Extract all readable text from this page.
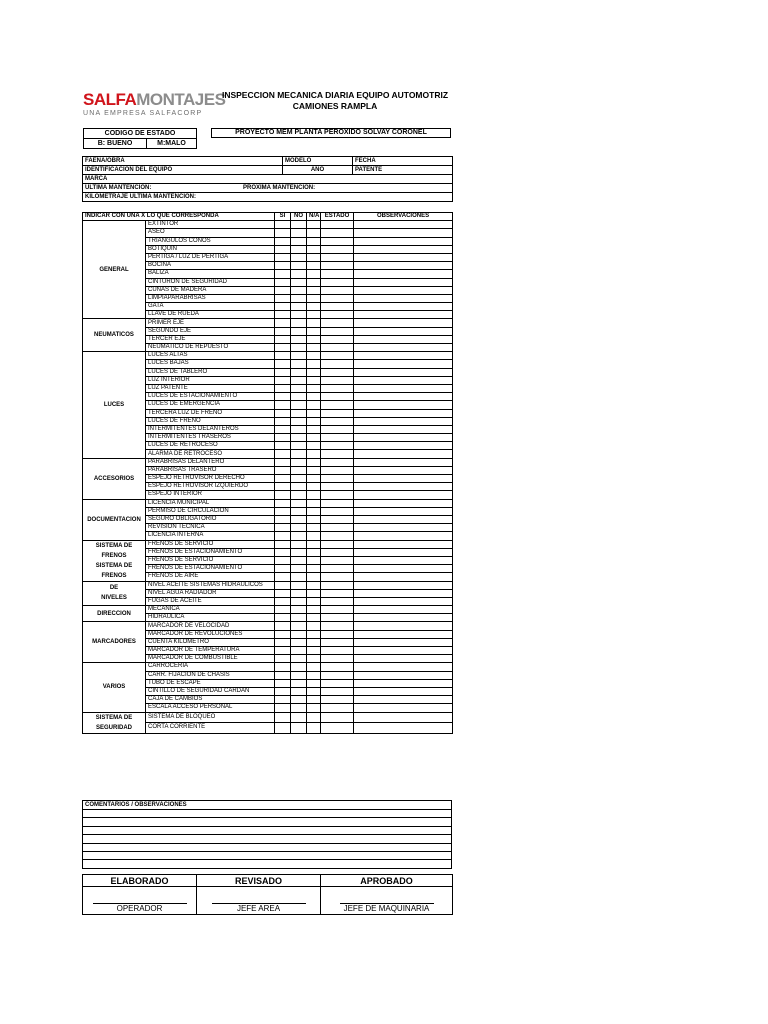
SALFAMONTAJES
UNA EMPRESA SALFACORP
INSPECCION MECANICA DIARIA EQUIPO AUTOMOTRIZ
CAMIONES RAMPLA
CODIGO DE ESTADO
B: BUENO	M:MALO
PROYECTO MEM PLANTA PEROXIDO SOLVAY CORONEL
FAENA/OBRA	MODELO	FECHA
IDENTIFICACION DEL EQUIPO	AÑO	PATENTE
MARCA		
ULTIMA MANTENCION: PROXIMA MANTENCION:		

KILOMETRAJE ULTIMA MANTENCION:		
INDICAR CON UNA X LO QUE CORRESPONDA		SI	NO	N/A	ESTADO	OBSERVACIONES

GENERAL	EXTINTOR					
	ASEO					
	TRIANGULOS CONOS					
	BOTIQUIN					
	PERTIGA / LUZ DE PERTIGA					
	BOCINA					
	BALIZA					
	CINTURON DE SEGURIDAD					
	CUÑAS DE MADERA					
	LIMPIAPARABRISAS					
	GATA					
	LLAVE DE RUEDA					

NEUMATICOS	PRIMER EJE					
	SEGUNDO EJE					
	TERCER EJE					
	NEUMATICO DE REPUESTO					

LUCES	LUCES ALTAS					
	LUCES BAJAS					
	LUCES DE TABLERO					
	LUZ INTERIOR					
	LUZ PATENTE					
	LUCES DE ESTACIONAMIENTO					
	LUCES DE EMERGENCIA					
	TERCERA LUZ DE FRENO					
	LUCES DE FRENO					
	INTERMITENTES DELANTEROS					
	INTERMITENTES TRASEROS					
	LUCES DE RETROCESO					
	ALARMA DE RETROCESO					

ACCESORIOS	PARABRISAS DELANTERO					
	PARABRISAS TRASERO					
	ESPEJO RETROVISOR DERECHO					
	ESPEJO RETROVISOR IZQUIERDO					
	ESPEJO INTERIOR					

DOCUMENTACION	LICENCIA MUNICIPAL					
	PERMISO DE CIRCULACION					
	SEGURO OBLIGATORIO					
	REVISION TECNICA					
	LICENCIA INTERNA					

SISTEMA DE
FRENOS
SISTEMA DE
FRENOS	FRENOS DE SERVICIO					
	FRENOS DE ESTACIONAMIENTO					
	FRENOS DE SERVICIO					
	FRENOS DE ESTACIONAMIENTO					
	FRENOS DE AIRE					

DE
NIVELES	NIVEL ACEITE SISTEMAS HIDRAULICOS					
	NIVEL AGUA RADIADOR					
	FUGAS DE ACEITE					

DIRECCION	MECANICA					
	HIDRAULICA					

MARCADORES	MARCADOR DE VELOCIDAD					
	MARCADOR DE REVOLUCIONES					
	CUENTA KILOMETRO					
	MARCADOR DE TEMPERATURA					
	MARCADOR DE COMBUSTIBLE					

VARIOS	CARROCERIA					
	CARR. FIJACION DE CHASIS					
	TUBO DE ESCAPE					
	CINTILLO DE SEGURIDAD CARDAN					
	CAJA DE CAMBIOS					
	ESCALA ACCESO PERSONAL					

SISTEMA DE
SEGURIDAD	SISTEMA DE BLOQUEO					
	CORTA CORRIENTE					
COMENTARIOS / OBSERVACIONES

ELABORADO	REVISADO	APROBADO

OPERADOR	JEFE AREA	JEFE DE MAQUINARIA
